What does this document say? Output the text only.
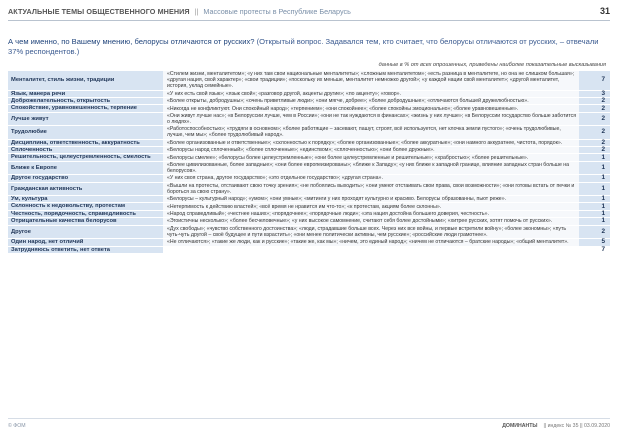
АКТУАЛЬНЫЕ ТЕМЫ ОБЩЕСТВЕННОГО МНЕНИЯ || Массовые протесты в Республике Беларусь	31
А чем именно, по Вашему мнению, белорусы отличаются от русских? (Открытый вопрос. Задавался тем, кто считает, что белорусы отличаются от русских, – отвечали 37% респондентов.)
данные в % от всех опрошенных, приведены наиболее показательные высказывания
Менталитет, стиль жизни, традиции	«Стилем жизни, менталитетом»; «у них там свои национальные менталитеты»; «сложным менталитетом»; «есть разница в менталитете, но она не слишком большая»; «другая нация, свой характер»; «свои традиции»; «поскольку их меньше, менталитет немножко другой»; «у каждой нации свой менталитет»; «другой менталитет, история, уклад семейные».	7
Язык, манера речи	«У них есть свой язык»; «язык свой»; «разговор другой, акценты другие»; «по акценту»; «говор».	3
Доброжелательность, открытость	«Более открыты, добродушны»; «очень приветливые люди»; «они мягче, добрее»; «более добродушные»; «отличаются большей дружелюбностью».	2
Спокойствие, уравновешенность, терпение	«Никогда не конфликтуют. Они спокойный народ»; «терпением»; «они спокойнее»; «более спокойны эмоционально»; «более уравновешенные».	2
Лучше живут	«Они живут лучше нас»; «в Белоруссии лучше, чем в России»; «они не так нуждаются в финансах»; «жизнь у них лучше»; «в Белоруссии государство больше заботится о людях».	2
Трудолюбие	«Работоспособностью»; «трудяги в основном»; «более работящие – засевают, пашут, строят, всё используется, нет клочка земли пустого»; «очень трудолюбивые, лучше, чем мы»; «более трудолюбивый народ».	2
Дисциплина, ответственность, аккуратность	«Более организованные и ответственные»; «склонностью к порядку»; «более организованные»; «более аккуратные»; «они намного аккуратнее, чистота, порядок».	2
Сплоченность	«Белорусы народ сплоченный»; «более сплоченные»; «единством»; «сплоченностью»; «они более дружные».	2
Решительность, целеустремленность, смелость	«Белорусы смелее»; «белорусы более целеустремленные»; «они более целеустремленные и решительные»; «храбростью»; «более решительные».	1
Ближе к Европе	«Более цивилизованные, более западные»; «они более европеизированы»; «ближе к Западу»; «у них ближе к западной границе, влияние западных стран больше на белорусов».	1
Другое государство	«У них своя страна, другое государство»; «это отдельное государство»; «другая страна».	1
Гражданская активность	«Вышли на протесты, отстаивают свою точку зрения»; «не побоялись выходить»; «они умеют отстаивать свои права, свои возможности»; «они готовы встать от печки и бороться за свою страну».	1
Ум, культура	«Белорусы – культурный народ»; «умом»; «они умные»; «митинги у них проходят культурно и красиво. Белорусы образованны, пьют реже».	1
Склонность к недовольству, протестам	«Нетерпимость к действию властей»; «всё время не нравится им что-то»; «к протестам, акциям более склонны».	1
Честность, порядочность, справедливость	«Народ справедливый»; «честнее наших»; «порядочнее»; «порядочные люди»; «эта нация достойна большего доверия, честность».	1
Отрицательные качества белорусов	«Эгоистичны несколько»; «более бесчеловечные»; «у них высокое самомнение, считают себя более достойными»; «хитрее русских, хотят помочь от русских».	1
Другое	«Дух свободы»; «чувство собственного достоинства»; «люди, страдавшие больше всех. Через них все войны, и первые встретили войну»; «более экономны»; «путь чуть-чуть другой – своё будущее и пути взрастить»; «они менее политически активны, чем русские»; «российские люди грамотнее».	2
Один народ, нет отличий	«Не отличаются»; «такие же люди, как и русские»; «такие же, как мы»; «ничем, это единый народ»; «ничем не отличаются – братские народы»; «общий менталитет».	5
Затрудняюсь ответить, нет ответа		7
© ФОМ	ДОМИНАНТЫ || индекс № 35 || 03.09.2020
